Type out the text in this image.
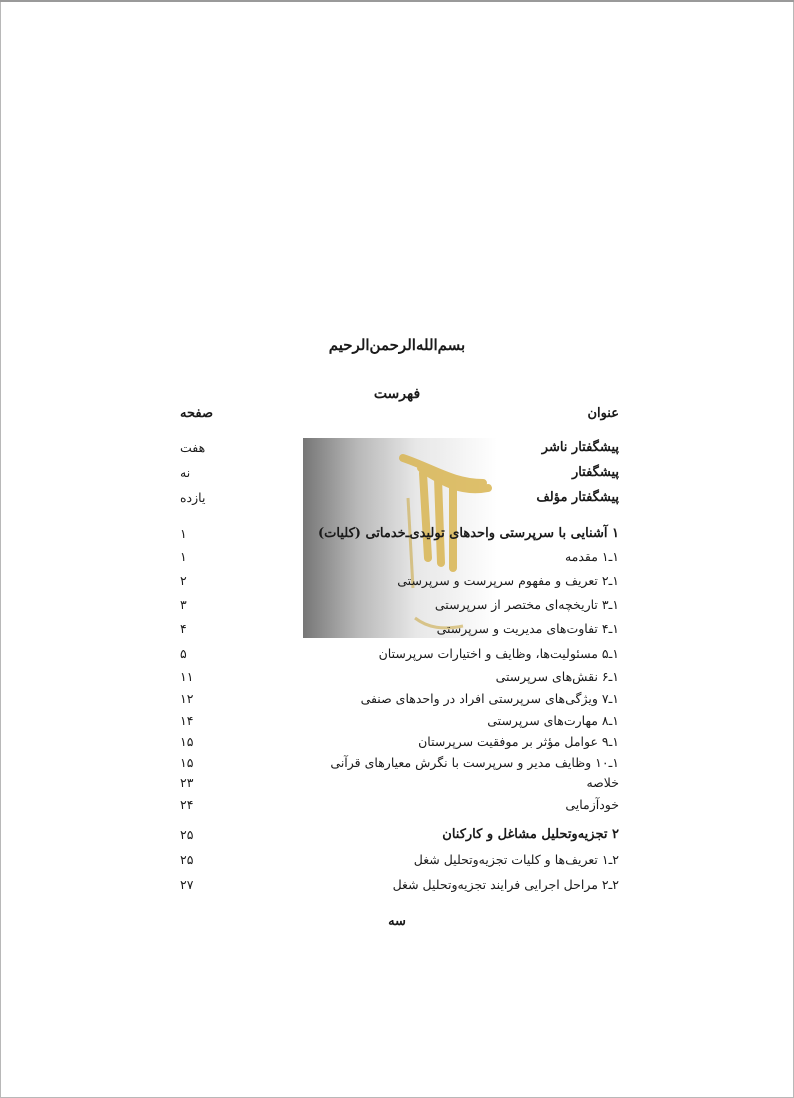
بسم‌الله‌الرحمن‌الرحیم
فهرست
عنوان
صفحه
پیشگفتار ناشر
هفت
پیشگفتار
نه
پیشگفتار مؤلف
یازده
۱ آشنایی با سرپرستی واحدهای تولیدی‌ـ‌خدماتی (کلیات)
۱
۱ـ۱ مقدمه
۱
۱ـ۲ تعریف و مفهوم سرپرست و سرپرستی
۲
۱ـ۳ تاریخچه‌ای مختصر از سرپرستی
۳
۱ـ۴ تفاوت‌های مدیریت و سرپرستی
۴
۱ـ۵ مسئولیت‌ها، وظایف و اختیارات سرپرستان
۵
۱ـ۶ نقش‌های سرپرستی
۱۱
۱ـ۷ ویژگی‌های سرپرستی افراد در واحدهای صنفی
۱۲
۱ـ۸ مهارت‌های سرپرستی
۱۴
۱ـ۹ عوامل مؤثر بر موفقیت سرپرستان
۱۵
۱ـ۱۰ وظایف مدیر و سرپرست با نگرش معیارهای قرآنی
۱۵
خلاصه
۲۳
خودآزمایی
۲۴
۲ تجزیه‌وتحلیل مشاغل و کارکنان
۲۵
۲ـ۱ تعریف‌ها و کلیات تجزیه‌وتحلیل شغل
۲۵
۲ـ۲ مراحل اجرایی فرایند تجزیه‌وتحلیل شغل
۲۷
سه
